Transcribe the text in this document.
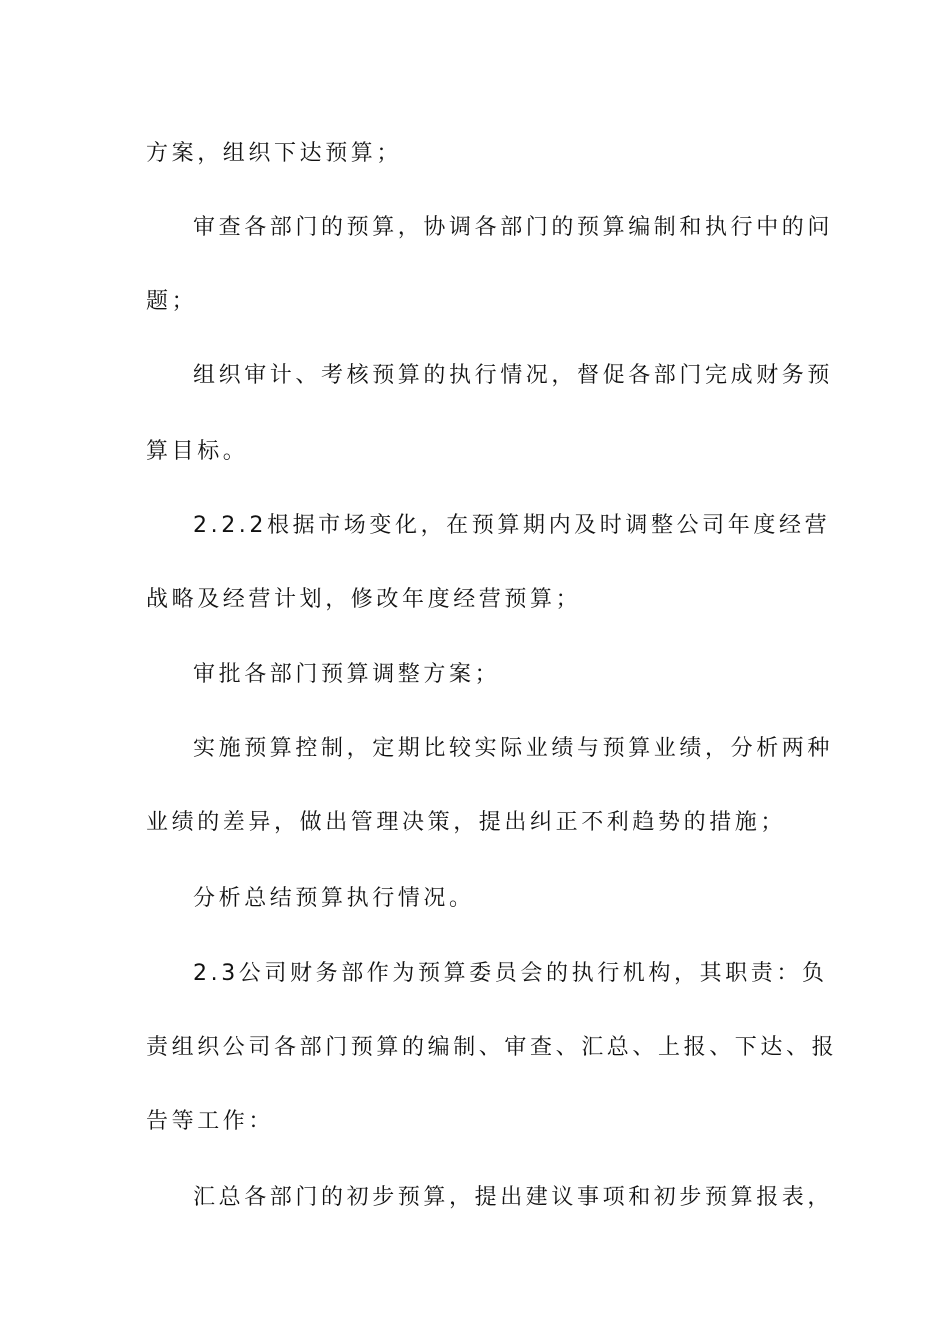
方案，组织下达预算；
审查各部门的预算，协调各部门的预算编制和执行中的问
题；
组织审计、考核预算的执行情况，督促各部门完成财务预
算目标。
2.2.2根据市场变化，在预算期内及时调整公司年度经营
战略及经营计划，修改年度经营预算；
审批各部门预算调整方案；
实施预算控制，定期比较实际业绩与预算业绩，分析两种
业绩的差异，做出管理决策，提出纠正不利趋势的措施；
分析总结预算执行情况。
2.3公司财务部作为预算委员会的执行机构，其职责：负
责组织公司各部门预算的编制、审查、汇总、上报、下达、报
告等工作：
汇总各部门的初步预算，提出建议事项和初步预算报表，
